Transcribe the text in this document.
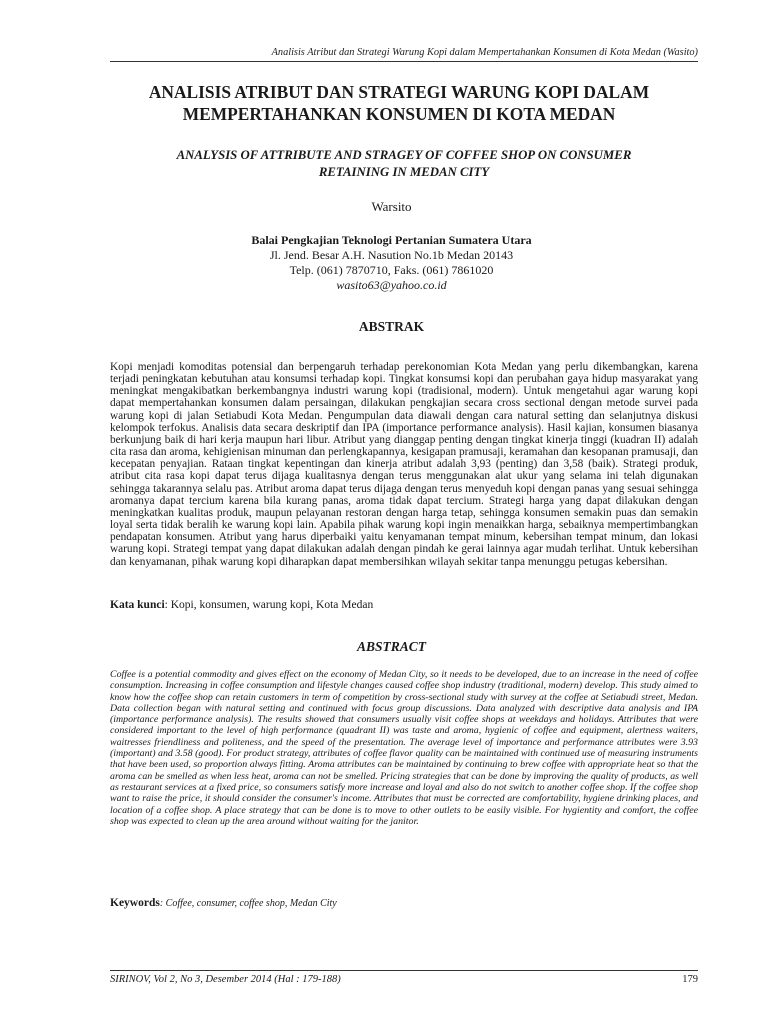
Analisis Atribut dan Strategi Warung Kopi dalam Mempertahankan Konsumen di Kota Medan (Wasito)
ANALISIS ATRIBUT DAN STRATEGI WARUNG KOPI DALAM
MEMPERTAHANKAN KONSUMEN DI KOTA MEDAN
ANALYSIS OF ATTRIBUTE AND STRAGEY OF COFFEE SHOP ON CONSUMER
RETAINING IN MEDAN CITY
Warsito
Balai Pengkajian Teknologi Pertanian Sumatera Utara
Jl. Jend. Besar A.H. Nasution No.1b Medan 20143
Telp. (061) 7870710, Faks. (061) 7861020
wasito63@yahoo.co.id
ABSTRAK

Kopi menjadi komoditas potensial dan berpengaruh terhadap perekonomian Kota Medan yang perlu dikembangkan, karena terjadi peningkatan kebutuhan atau konsumsi terhadap kopi. Tingkat konsumsi kopi dan perubahan gaya hidup masyarakat yang meningkat mengakibatkan berkembangnya industri warung kopi (tradisional, modern). Untuk mengetahui agar warung kopi dapat mempertahankan konsumen dalam persaingan, dilakukan pengkajian secara cross sectional dengan metode survei pada warung kopi di jalan Setiabudi Kota Medan. Pengumpulan data diawali dengan cara natural setting dan selanjutnya diskusi kelompok terfokus. Analisis data secara deskriptif dan IPA (importance performance analysis). Hasil kajian, konsumen biasanya berkunjung baik di hari kerja maupun hari libur. Atribut yang dianggap penting dengan tingkat kinerja tinggi (kuadran II) adalah cita rasa dan aroma, kehigienisan minuman dan perlengkapannya, kesigapan pramusaji, keramahan dan kesopanan pramusaji, dan kecepatan penyajian. Rataan tingkat kepentingan dan kinerja atribut adalah 3,93 (penting) dan 3,58 (baik). Strategi produk, atribut cita rasa kopi dapat terus dijaga kualitasnya dengan terus menggunakan alat ukur yang selama ini telah digunakan sehingga takarannya selalu pas. Atribut aroma dapat terus dijaga dengan terus menyeduh kopi dengan panas yang sesuai sehingga aromanya dapat tercium karena bila kurang panas, aroma tidak dapat tercium. Strategi harga yang dapat dilakukan dengan meningkatkan kualitas produk, maupun pelayanan restoran dengan harga tetap, sehingga konsumen semakin puas dan semakin loyal serta tidak beralih ke warung kopi lain. Apabila pihak warung kopi ingin menaikkan harga, sebaiknya mempertimbangkan pendapatan konsumen. Atribut yang harus diperbaiki yaitu kenyamanan tempat minum, kebersihan tempat minum, dan lokasi warung kopi. Strategi tempat yang dapat dilakukan adalah dengan pindah ke gerai lainnya agar mudah terlihat. Untuk kebersihan dan kenyamanan, pihak warung kopi diharapkan dapat membersihkan wilayah sekitar tanpa menunggu petugas kebersihan.

Kata kunci: Kopi, konsumen, warung kopi, Kota Medan
ABSTRACT

Coffee is a potential commodity and gives effect on the economy of Medan City, so it needs to be developed, due to an increase in the need of coffee consumption. Increasing in coffee consumption and lifestyle changes caused coffee shop industry (traditional, modern) develop. This study aimed to know how the coffee shop can retain customers in term of competition by cross-sectional study with survey at the coffee at Setiabudi street, Medan. Data collection began with natural setting and continued with focus group discussions. Data analyzed with descriptive data analysis and IPA (importance performance analysis). The results showed that consumers usually visit coffee shops at weekdays and holidays. Attributes that were considered important to the level of high performance (quadrant II) was taste and aroma, hygienic of coffee and equipment, alertness waiters, waitresses friendliness and politeness, and the speed of the presentation. The average level of importance and performance attributes were 3.93 (important) and 3.58 (good). For product strategy, attributes of coffee flavor quality can be maintained with continued use of measuring instruments that have been used, so proportion always fitting. Aroma attributes can be maintained by continuing to brew coffee with appropriate heat so that the aroma can be smelled as when less heat, aroma can not be smelled. Pricing strategies that can be done by improving the quality of products, as well as restaurant services at a fixed price, so consumers satisfy more increase and loyal and also do not switch to another coffee shop. If the coffee shop want to raise the price, it should consider the consumer's income. Attributes that must be corrected are comfortability, hygiene drinking places, and location of a coffee shop. A place strategy that can be done is to move to other outlets to be easily visible. For hygientity and comfort, the coffee shop was expected to clean up the area around without waiting for the janitor.

Keywords: Coffee, consumer, coffee shop, Medan City
SIRINOV, Vol 2, No 3, Desember 2014 (Hal : 179-188)	179
